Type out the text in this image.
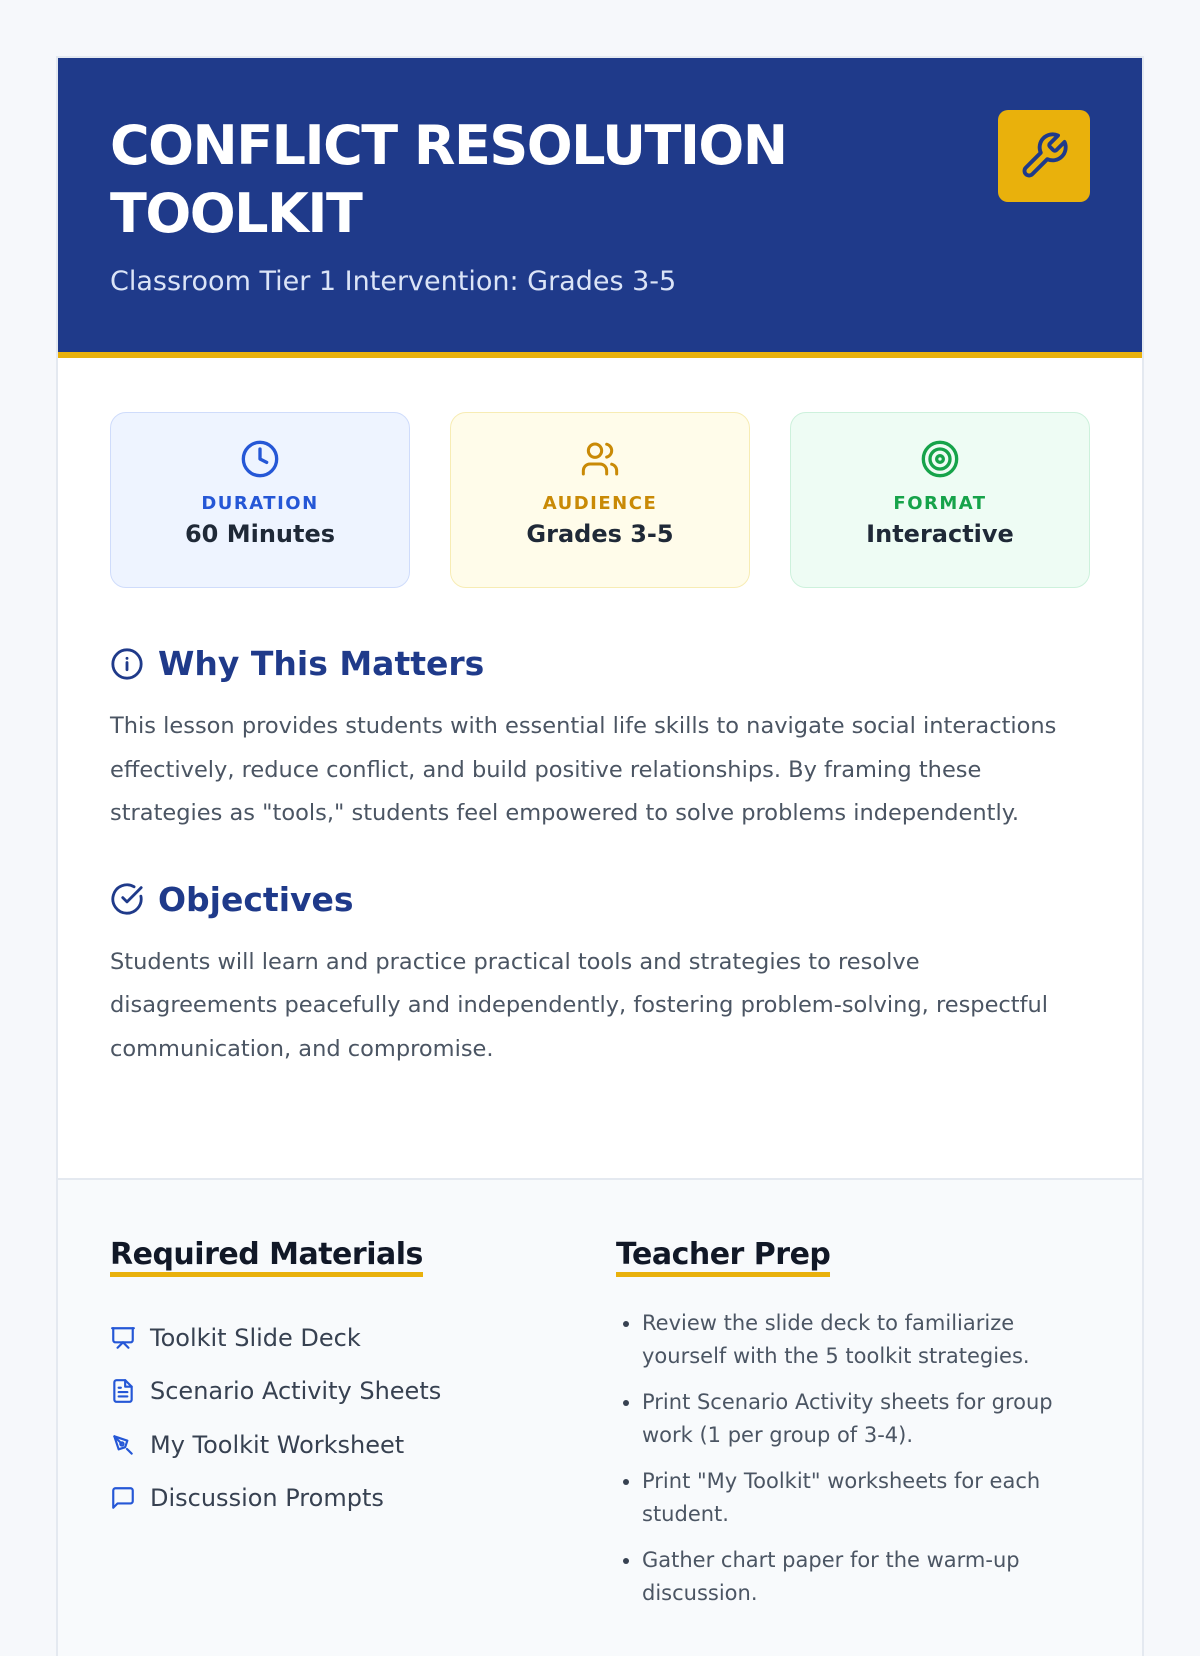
CONFLICT RESOLUTION TOOLKIT
Classroom Tier 1 Intervention: Grades 3-5
DURATION
60 Minutes
AUDIENCE
Grades 3-5
FORMAT
Interactive
Why This Matters

This lesson provides students with essential life skills to navigate social interactions effectively, reduce conflict, and build positive relationships. By framing these strategies as "tools," students feel empowered to solve problems independently.

Objectives

Students will learn and practice practical tools and strategies to resolve disagreements peacefully and independently, fostering problem-solving, respectful communication, and compromise.

Required Materials
Toolkit Slide Deck
Scenario Activity Sheets
My Toolkit Worksheet
Discussion Prompts
Teacher Prep
• Review the slide deck to familiarize yourself with the 5 toolkit strategies.
• Print Scenario Activity sheets for group work (1 per group of 3-4).
• Print "My Toolkit" worksheets for each student.
• Gather chart paper for the warm-up discussion.
